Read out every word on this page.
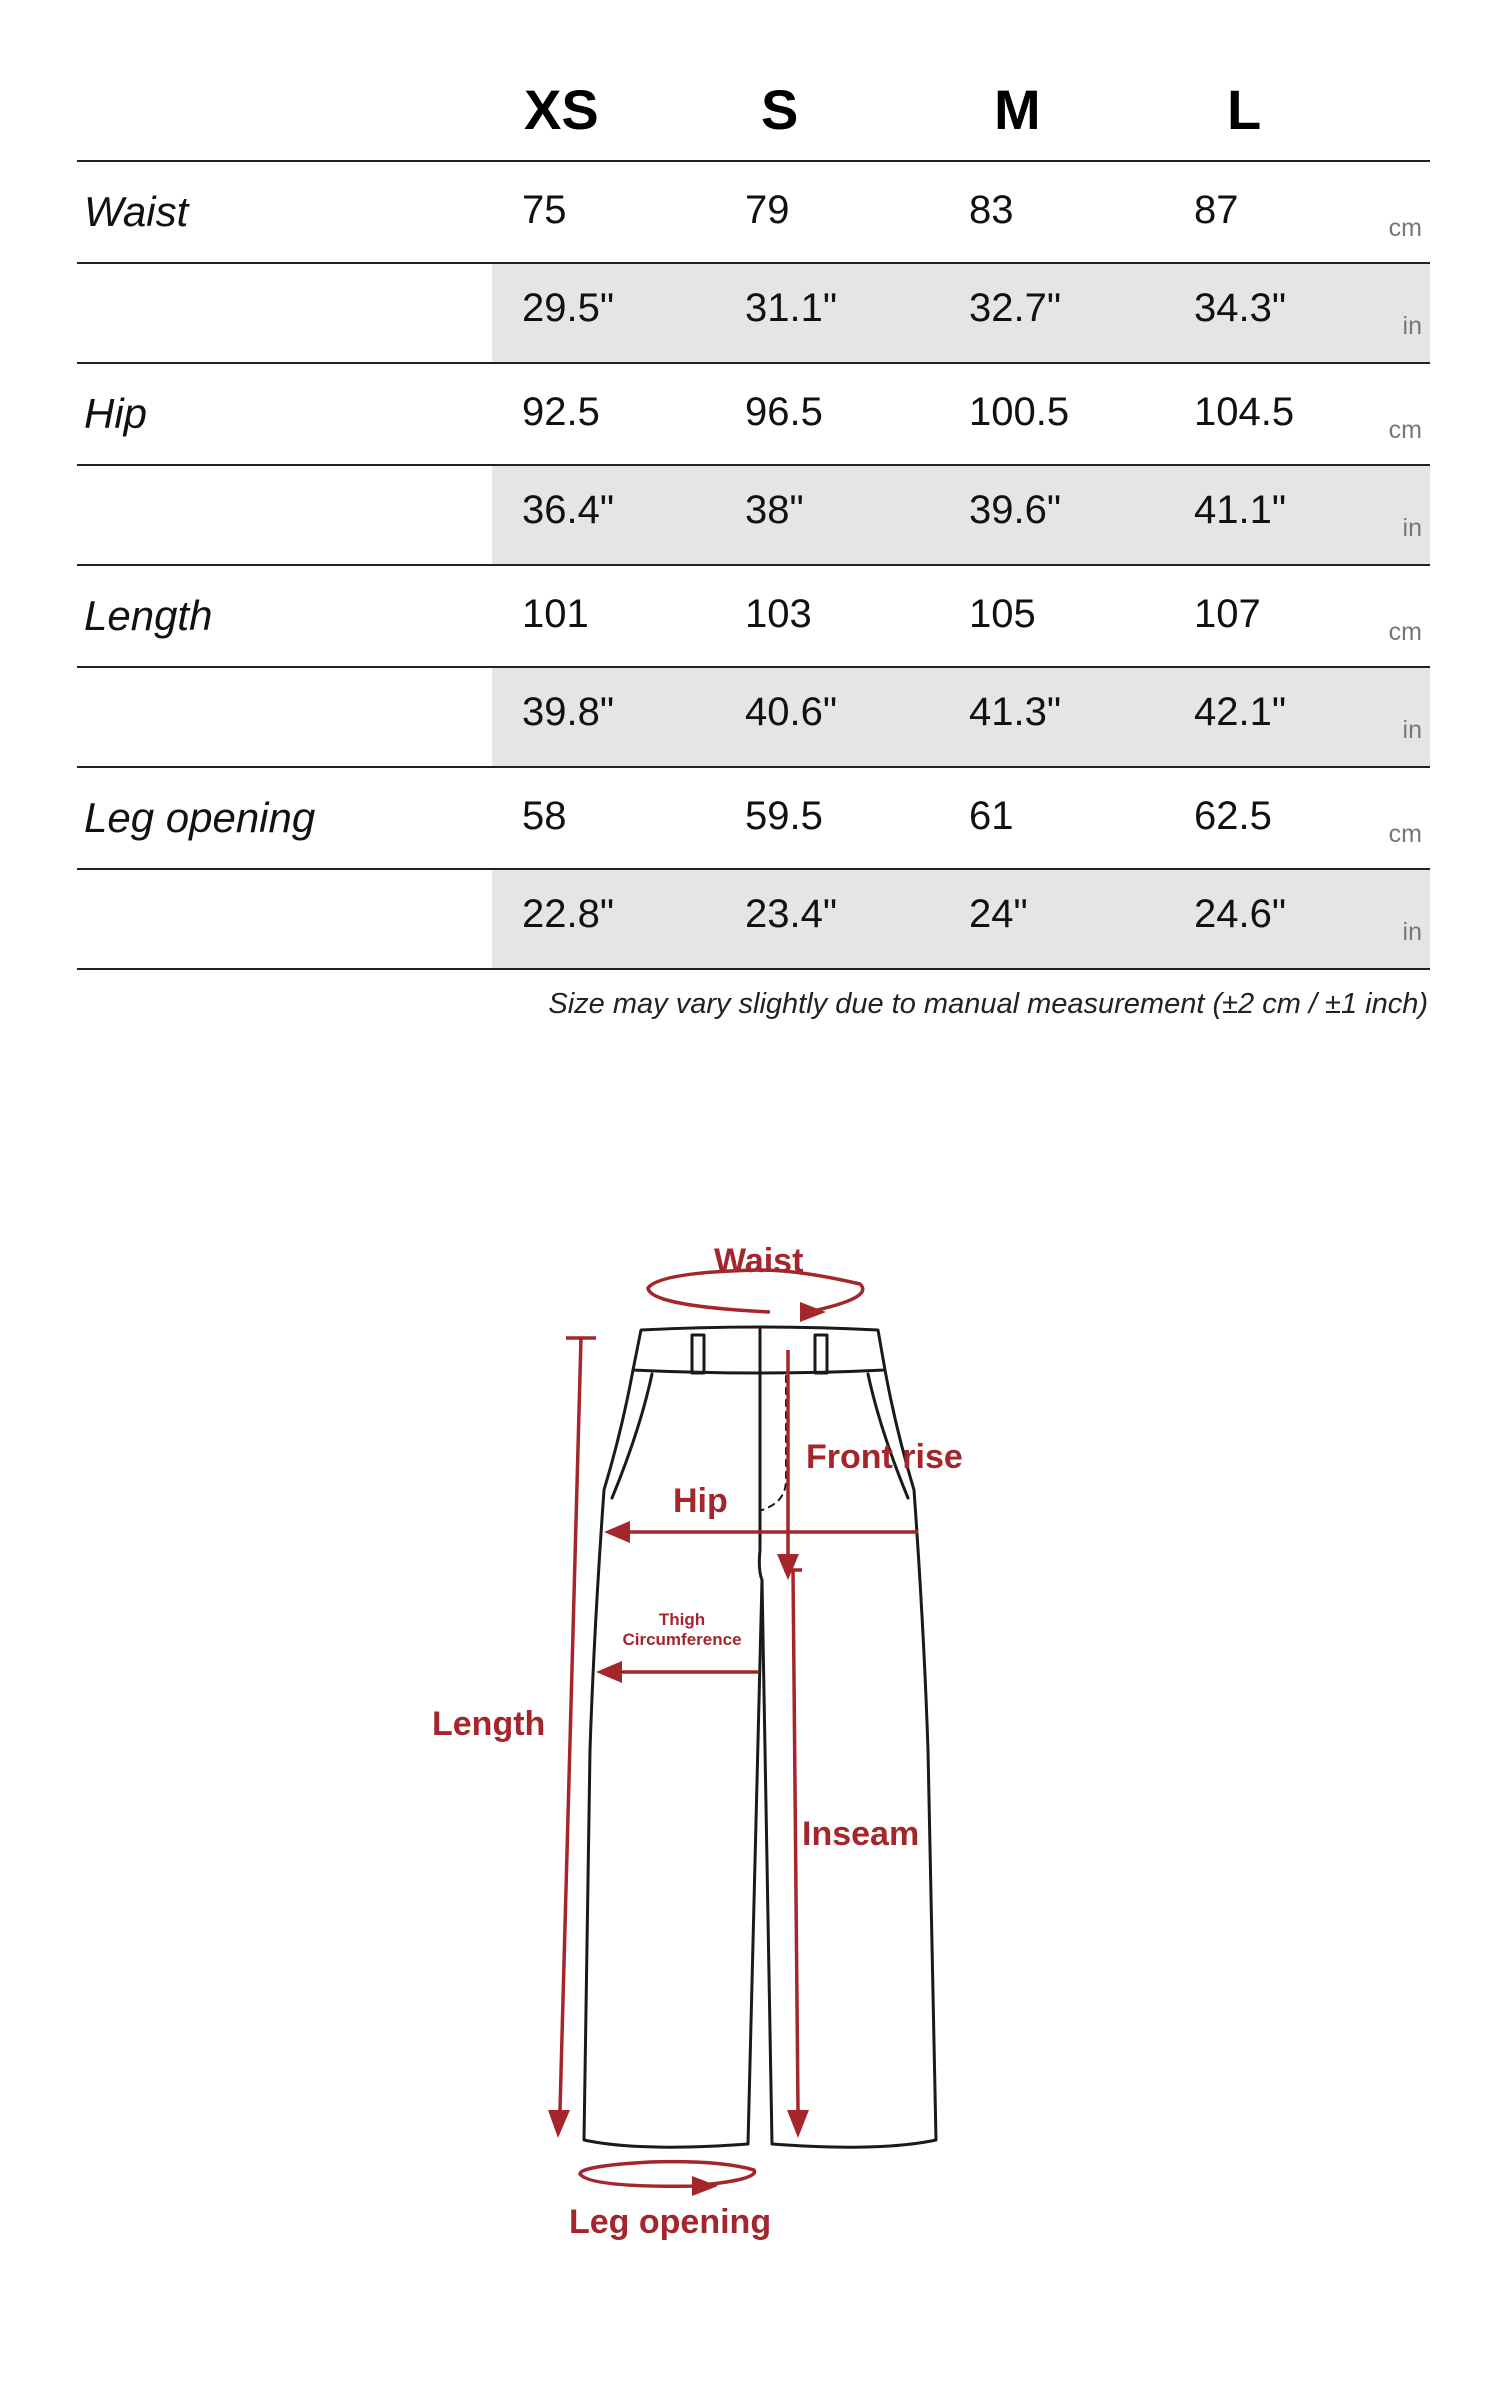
XS	S	M	L
Waist	75	79	83	87	cm
29.5"	31.1"	32.7"	34.3"	in
Hip	92.5	96.5	100.5	104.5	cm
36.4"	38"	39.6"	41.1"	in
Length	101	103	105	107	cm
39.8"	40.6"	41.3"	42.1"	in
Leg opening	58	59.5	61	62.5	cm
22.8"	23.4"	24"	24.6"	in
Size may vary slightly due to manual measurement (±2 cm / ±1 inch)
Waist
Front rise
Hip
Thigh
Circumference
Length
Inseam
Leg opening
